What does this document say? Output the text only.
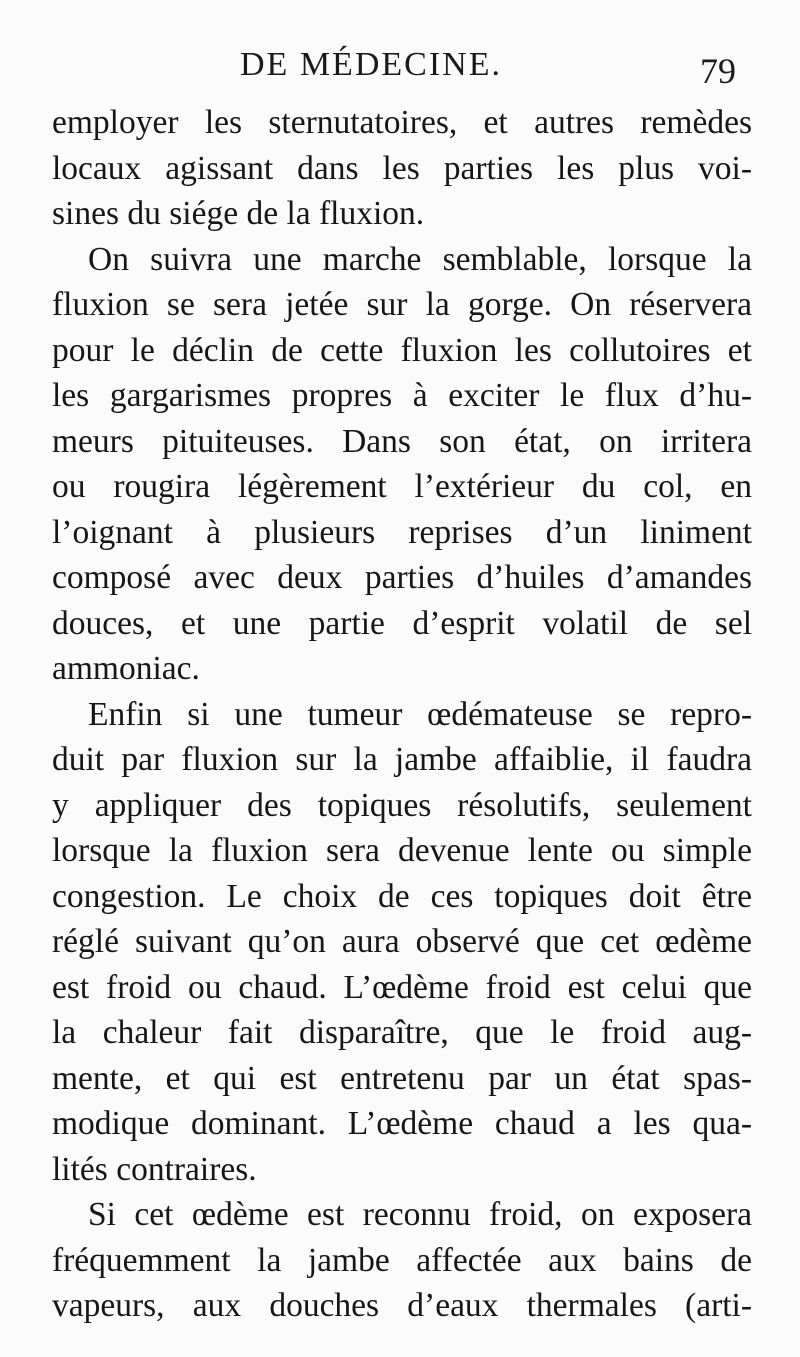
DE MÉDECINE.	79
employer les sternutatoires, et autres remèdes
locaux agissant dans les parties les plus voi-
sines du siége de la fluxion.
On suivra une marche semblable, lorsque la
fluxion se sera jetée sur la gorge. On réservera
pour le déclin de cette fluxion les collutoires et
les gargarismes propres à exciter le flux d’hu-
meurs pituiteuses. Dans son état, on irritera
ou rougira légèrement l’extérieur du col, en
l’oignant à plusieurs reprises d’un liniment
composé avec deux parties d’huiles d’amandes
douces, et une partie d’esprit volatil de sel
ammoniac.
Enfin si une tumeur œdémateuse se repro-
duit par fluxion sur la jambe affaiblie, il faudra
y appliquer des topiques résolutifs, seulement
lorsque la fluxion sera devenue lente ou simple
congestion. Le choix de ces topiques doit être
réglé suivant qu’on aura observé que cet œdème
est froid ou chaud. L’œdème froid est celui que
la chaleur fait disparaître, que le froid aug-
mente, et qui est entretenu par un état spas-
modique dominant. L’œdème chaud a les qua-
lités contraires.
Si cet œdème est reconnu froid, on exposera
fréquemment la jambe affectée aux bains de
vapeurs, aux douches d’eaux thermales (arti-
